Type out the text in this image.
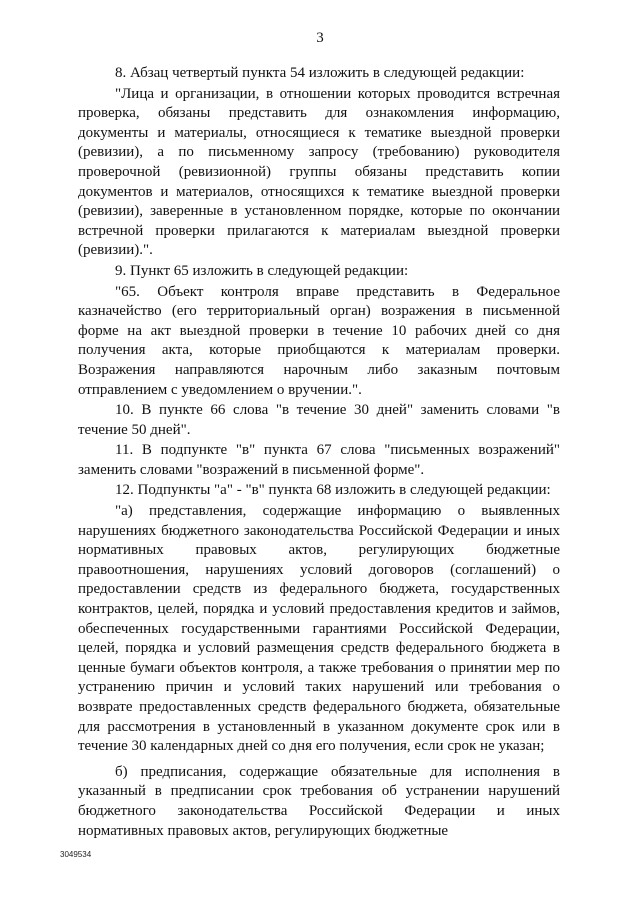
3

8. Абзац четвертый пункта 54 изложить в следующей редакции:

"Лица и организации, в отношении которых проводится встречная проверка, обязаны представить для ознакомления информацию, документы и материалы, относящиеся к тематике выездной проверки (ревизии), а по письменному запросу (требованию) руководителя проверочной (ревизионной) группы обязаны представить копии документов и материалов, относящихся к тематике выездной проверки (ревизии), заверенные в установленном порядке, которые по окончании встречной проверки прилагаются к материалам выездной проверки (ревизии).".

9. Пункт 65 изложить в следующей редакции:

"65. Объект контроля вправе представить в Федеральное казначейство (его территориальный орган) возражения в письменной форме на акт выездной проверки в течение 10 рабочих дней со дня получения акта, которые приобщаются к материалам проверки. Возражения направляются нарочным либо заказным почтовым отправлением с уведомлением о вручении.".

10. В пункте 66 слова "в течение 30 дней" заменить словами "в течение 50 дней".

11. В подпункте "в" пункта 67 слова "письменных возражений" заменить словами "возражений в письменной форме".

12. Подпункты "а" - "в" пункта 68 изложить в следующей редакции:

"а) представления, содержащие информацию о выявленных нарушениях бюджетного законодательства Российской Федерации и иных нормативных правовых актов, регулирующих бюджетные правоотношения, нарушениях условий договоров (соглашений) о предоставлении средств из федерального бюджета, государственных контрактов, целей, порядка и условий предоставления кредитов и займов, обеспеченных государственными гарантиями Российской Федерации, целей, порядка и условий размещения средств федерального бюджета в ценные бумаги объектов контроля, а также требования о принятии мер по устранению причин и условий таких нарушений или требования о возврате предоставленных средств федерального бюджета, обязательные для рассмотрения в установленный в указанном документе срок или в течение 30 календарных дней со дня его получения, если срок не указан;

б) предписания, содержащие обязательные для исполнения в указанный в предписании срок требования об устранении нарушений бюджетного законодательства Российской Федерации и иных нормативных правовых актов, регулирующих бюджетные

3049534
